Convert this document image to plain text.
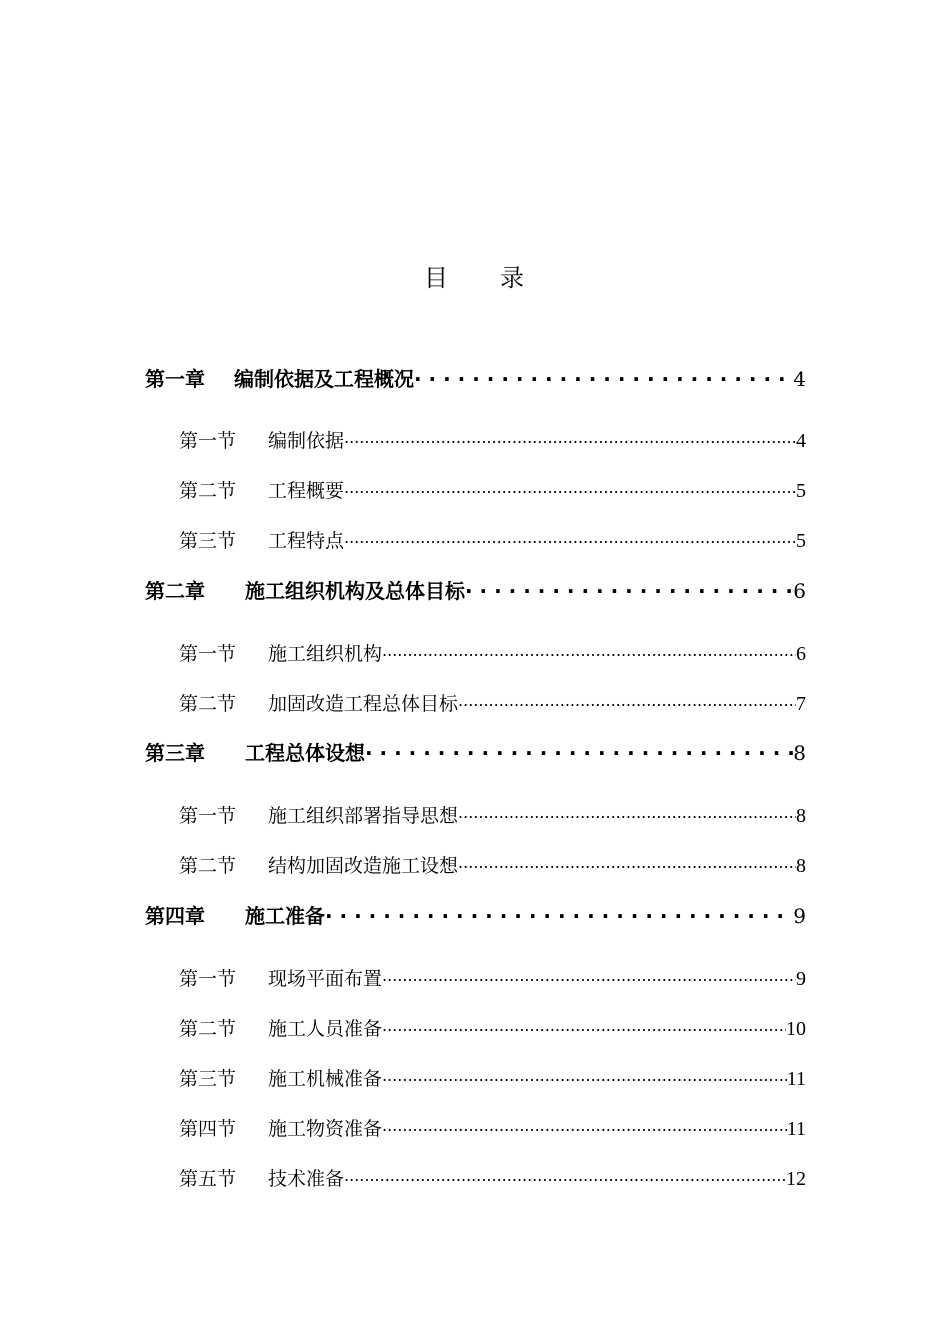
目 录
第一章	编制依据及工程概况 . . .	4
第一节	编制依据 .....	4
第二节	工程概要 .....	5
第三节	工程特点 .....	5
第二章	施工组织机构及总体目标 . . .	6
第一节	施工组织机构 .....	6
第二节	加固改造工程总体目标 .....	7
第三章	工程总体设想 . . .	8
第一节	施工组织部署指导思想 .....	8
第二节	结构加固改造施工设想 .....	8
第四章	施工准备 . . .	9
第一节	现场平面布置 .....	9
第二节	施工人员准备 .....	10
第三节	施工机械准备 .....	11
第四节	施工物资准备 .....	11
第五节	技术准备 .....	12
